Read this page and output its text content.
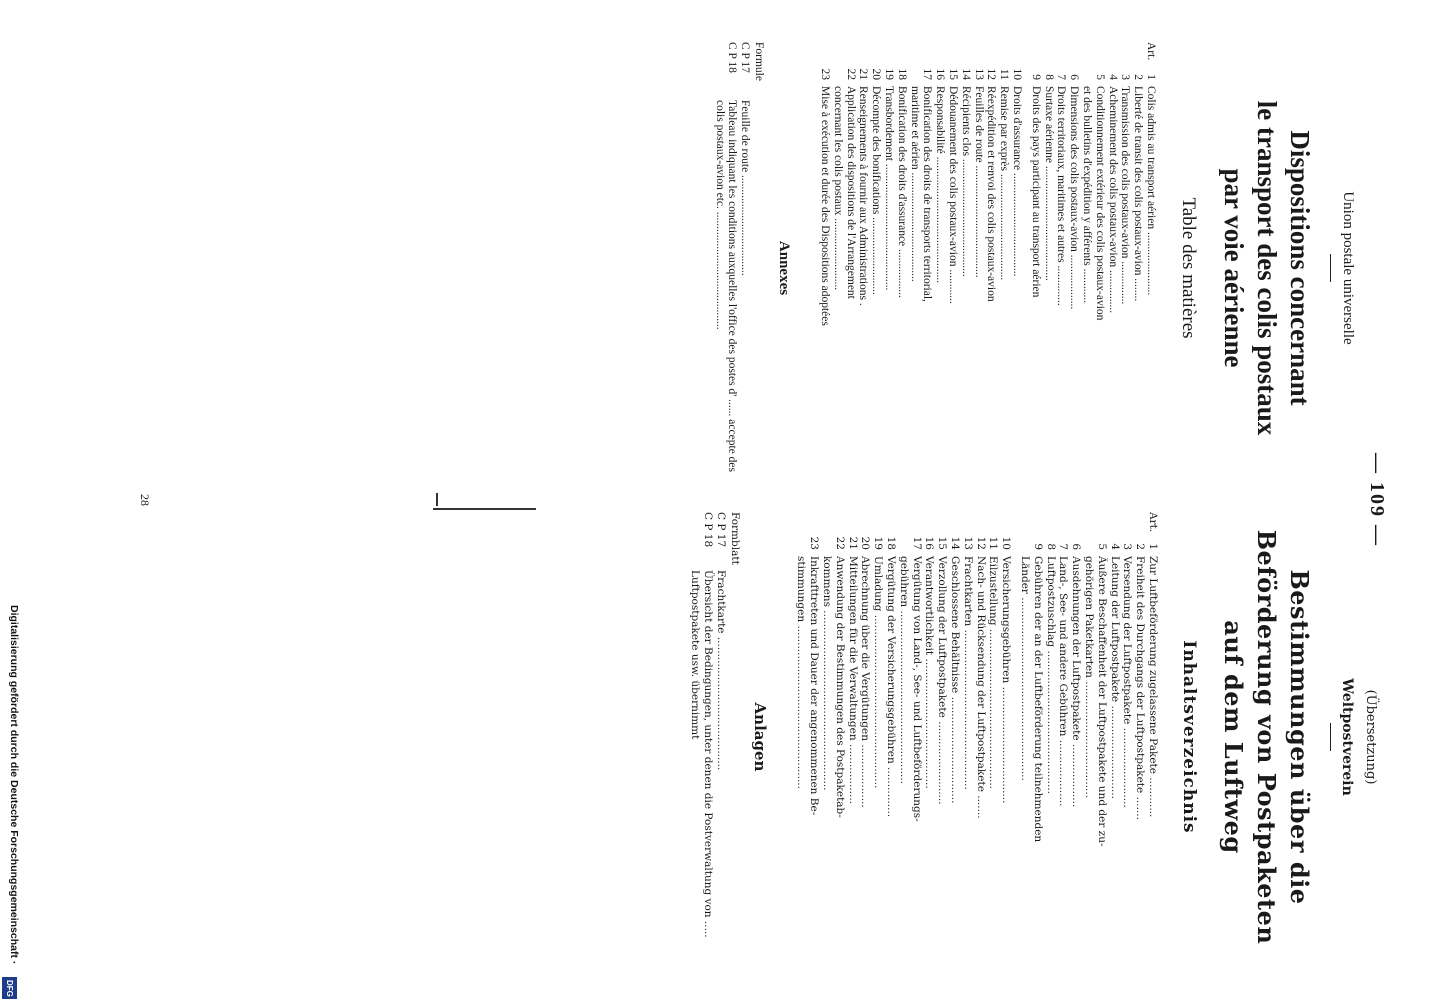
— 109 —
Union postale universelle
Dispositions concernant
le transport des colis postaux
par voie aérienne
Table des matières
Art.
1
Colis admis au transport aérien ......................
2
Liberté de transit des colis postaux-avion ........
3
Transmission des colis postaux-avion ...............
4
Acheminement des colis postaux-avion ...............
5
Conditionnement extérieur des colis postaux-avion
et des bulletins d'expédition y afférents ............
6
Dimensions des colis postaux-avion ...................
7
Droits territoriaux, maritimes et autres ..............
8
Surtaxe aérienne ........................................
9
Droits des pays participant au transport aérien
10
Droits d'assurance ....................................
11
Remise par exprès .....................................
12
Réexpédition et renvoi des colis postaux-avion
13
Feuilles de route .......................................
14
Récipients clos .........................................
15
Dédouanement des colis postaux-avion ............
16
Responsabilité ............................................
17
Bonification des droits de transports territorial,
maritime et aérien ......................................
18
Bonification des droits d'assurance .................
19
Transbordement ............................................
20
Décompte des bonifications ...........................
21
Renseignements à fournir aux Administrations .
22
Application des dispositions de l'Arrangement
concernant les colis postaux .........................
23
Mise à exécution et durée des Dispositions adoptées
Annexes
Formule
C P 17
Feuille de route ...................................
C P 18
Tableau indiquant les conditions auxquelles l'office des postes d' ...... accepte des colis postaux-avion etc. .........................................
(Übersetzung)
Weltpostverein
Bestimmungen über die
Beförderung von Postpaketen
auf dem Luftweg
Inhaltsverzeichnis
Art.
1
Zur Luftbeförderung zugelassene Pakete ............
2
Freiheit des Durchgangs der Luftpostpakete .......
3
Versendung der Luftpostpakete ........................
4
Leitung der Luftpostpakete ............................
5
Äußere Beschaffenheit der Luftpostpakete und der zu-
gehörigen Paketkarten ...................................
6
Ausdehnungen der Luftpostpakete ...................
7
Land-, See- und andere Gebühren ....................
8
Luftpostzuschlag ...........................................
9
Gebühren der an der Luftbeförderung teilnehmenden
Länder .......................................................
10
Versicherungsgebühren ...................................
11
Eilzustellung ................................................
12
Nach- und Rücksendung der Luftpostpakete .......
13
Frachtkarten ................................................
14
Geschlossene Behältnisse ................................
15
Verzollung der Luftpostpakete .........................
16
Verantwortlichkeit .......................................
17
Vergütung von Land-, See- und Luftbeförderungs-
gebühren ....................................................
18
Vergütung der Versicherungsgebühren ...............
19
Umladung ....................................................
20
Abrechnung über die Vergütungen ...................
21
Mitteilungen für die Verwaltungen ..................
22
Anwendung der Bestimmungen des Postpaketab-
kommens ......................................................
23
Inkrafttreten und Dauer der angenommenen Be-
stimmungen .................................................
Anlagen
Formblatt
C P 17
Frachtkarte ........................................
C P 18
Übersicht der Bedingungen, unter denen die Postverwaltung von ..... Luftpostpakete usw. übernimmt
28
Digitalisierung gefördert durch die Deutsche Forschungsgemeinschaft ·
DFG
